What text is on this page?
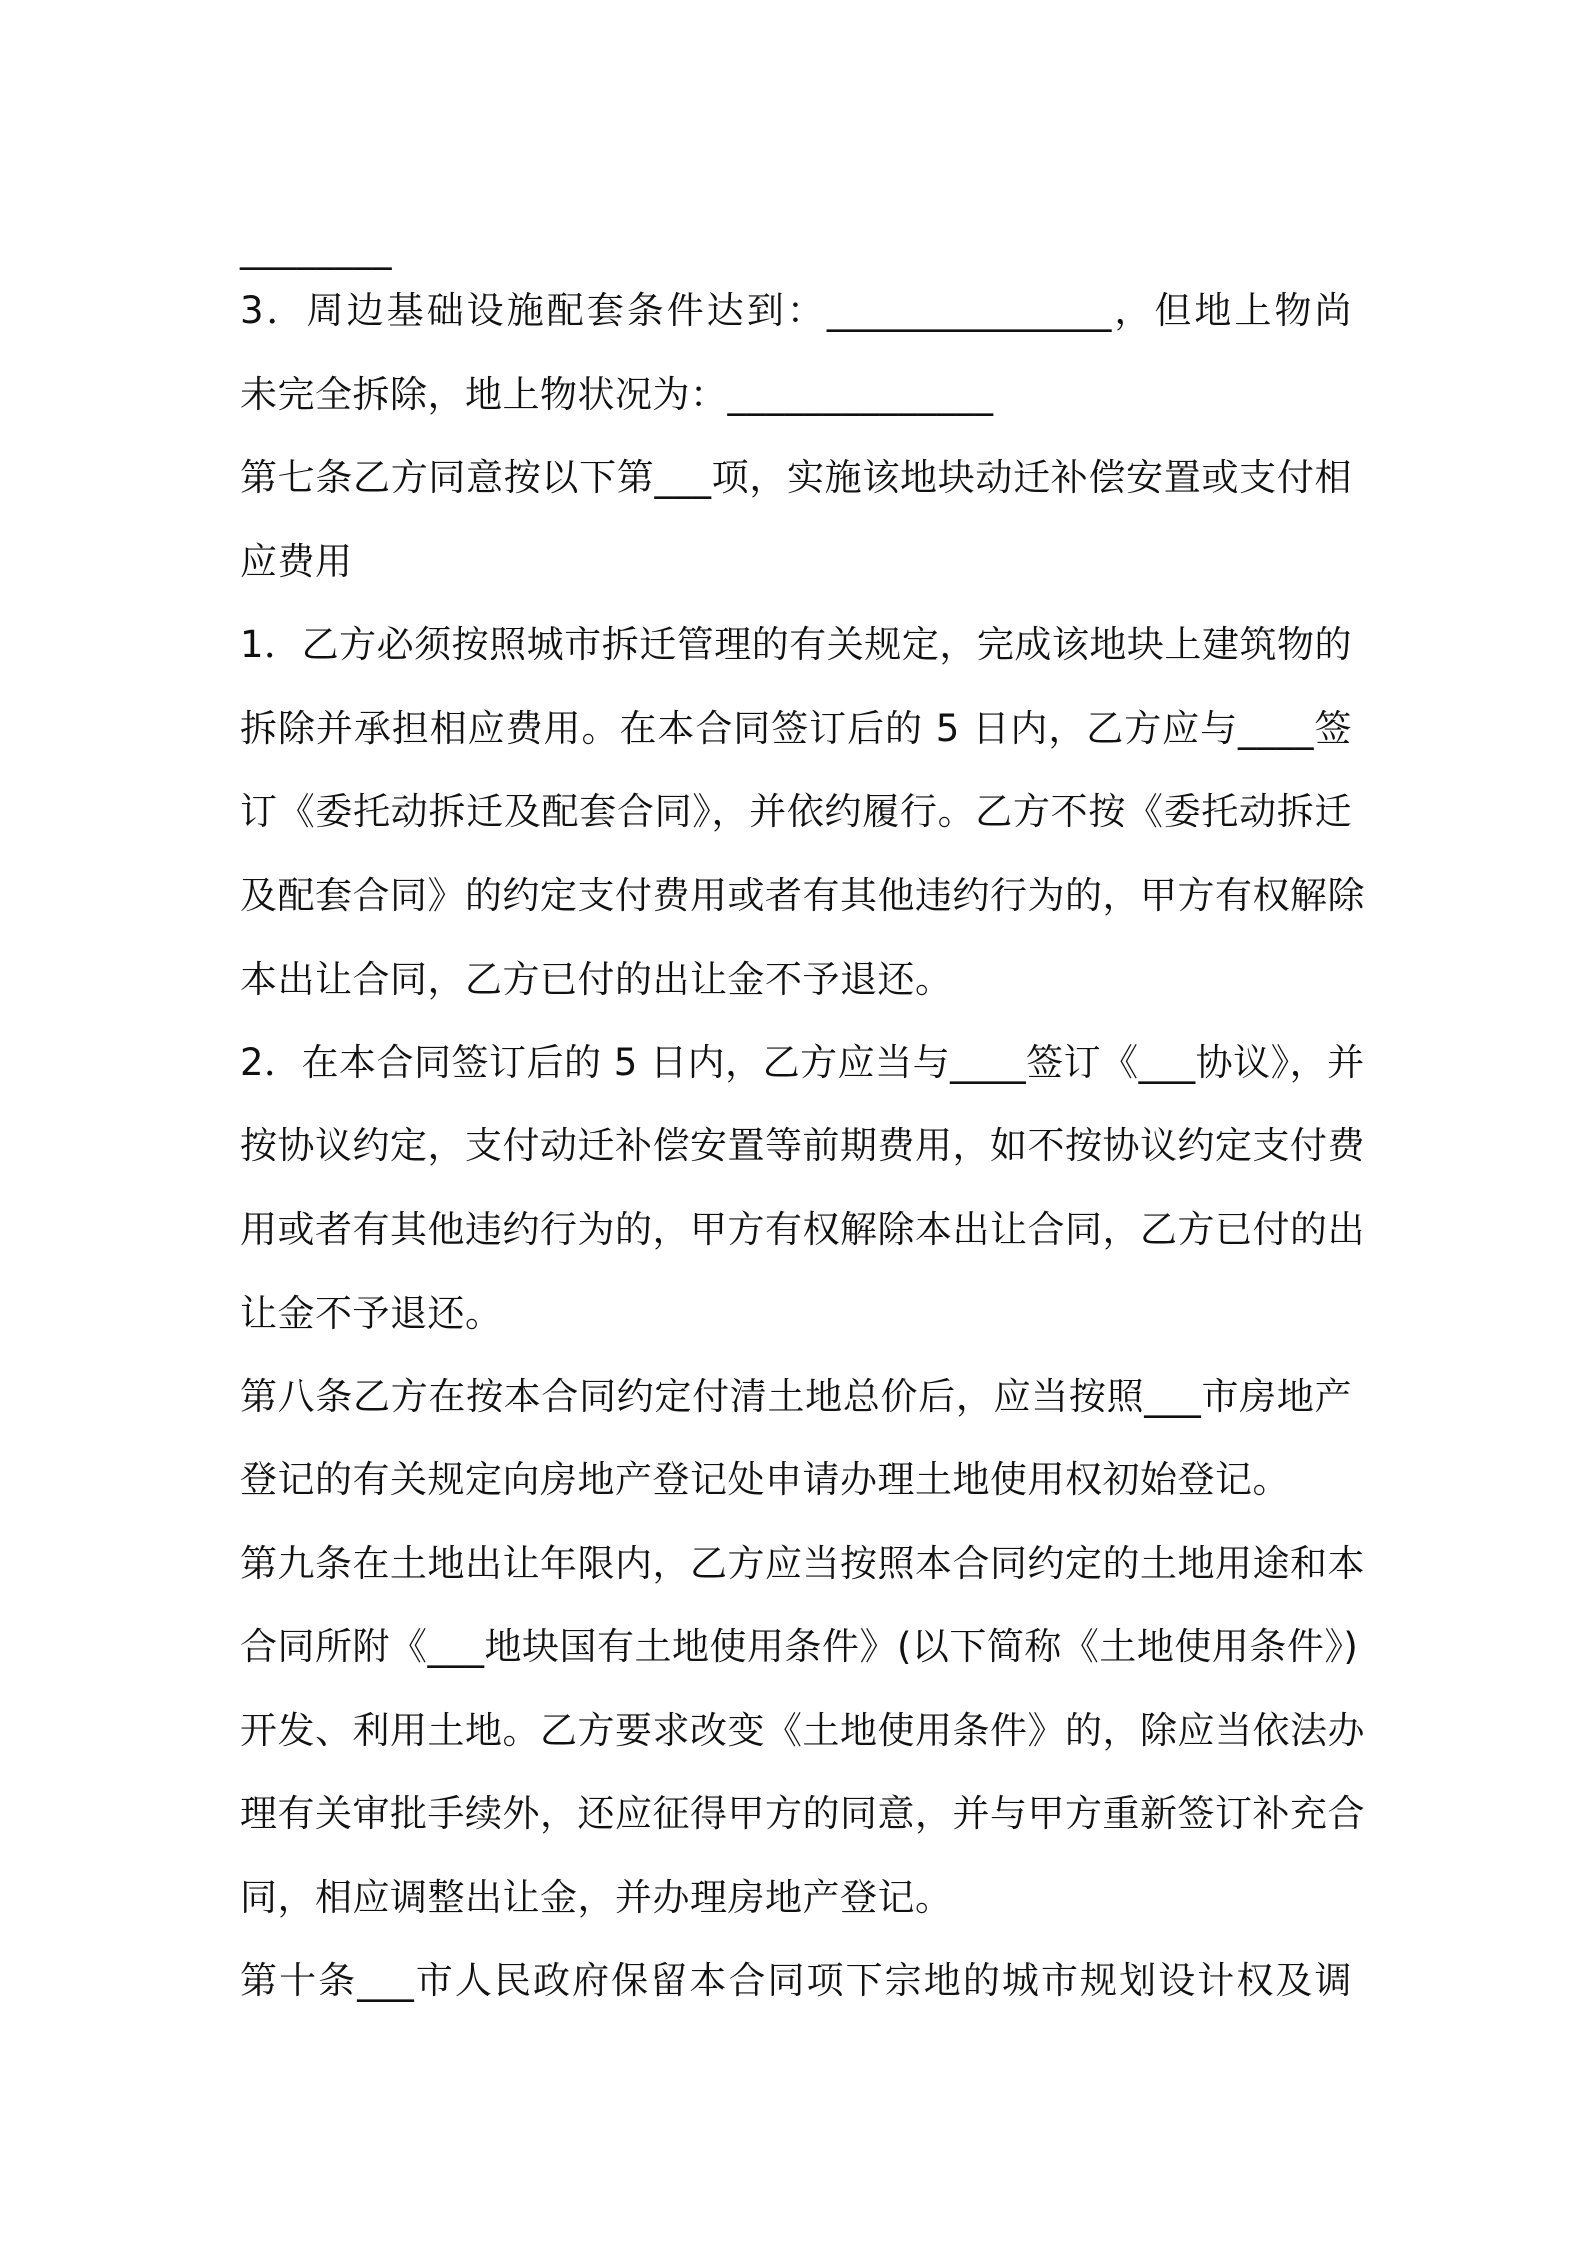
________
3．周边基础设施配套条件达到：_______________，但地上物尚
未完全拆除，地上物状况为：______________
第七条乙方同意按以下第___项，实施该地块动迁补偿安置或支付相
应费用
1．乙方必须按照城市拆迁管理的有关规定，完成该地块上建筑物的
拆除并承担相应费用。在本合同签订后的 5 日内，乙方应与____签
订《委托动拆迁及配套合同》，并依约履行。乙方不按《委托动拆迁
及配套合同》的约定支付费用或者有其他违约行为的，甲方有权解除
本出让合同，乙方已付的出让金不予退还。
2．在本合同签订后的 5 日内，乙方应当与____签订《___协议》，并
按协议约定，支付动迁补偿安置等前期费用，如不按协议约定支付费
用或者有其他违约行为的，甲方有权解除本出让合同，乙方已付的出
让金不予退还。
第八条乙方在按本合同约定付清土地总价后，应当按照___市房地产
登记的有关规定向房地产登记处申请办理土地使用权初始登记。
第九条在土地出让年限内，乙方应当按照本合同约定的土地用途和本
合同所附《___地块国有土地使用条件》(以下简称《土地使用条件》)
开发、利用土地。乙方要求改变《土地使用条件》的，除应当依法办
理有关审批手续外，还应征得甲方的同意，并与甲方重新签订补充合
同，相应调整出让金，并办理房地产登记。
第十条___市人民政府保留本合同项下宗地的城市规划设计权及调
